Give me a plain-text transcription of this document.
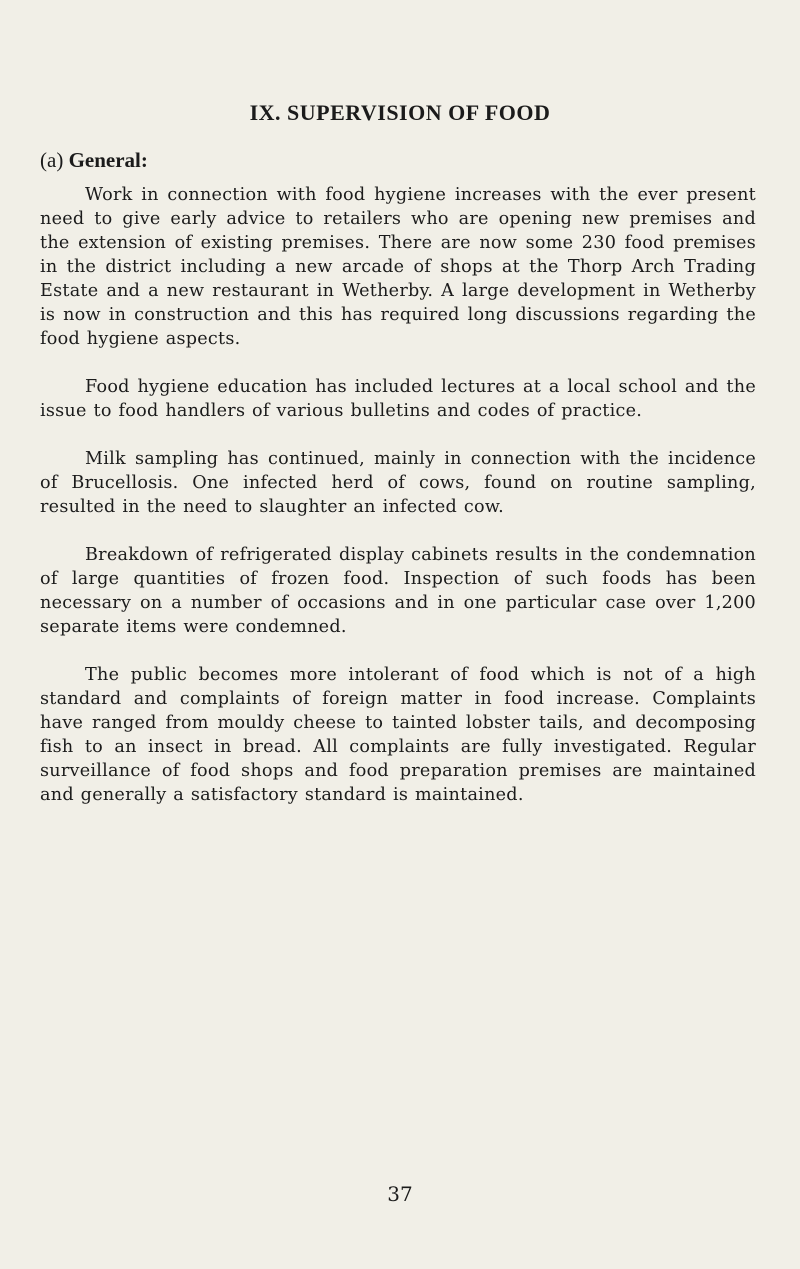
IX. SUPERVISION OF FOOD
(a) General:

Work in connection with food hygiene increases with the ever present need to give early advice to retailers who are opening new premises and the extension of existing premises. There are now some 230 food premises in the district including a new arcade of shops at the Thorp Arch Trading Estate and a new restaurant in Wetherby. A large development in Wetherby is now in construction and this has required long discussions regarding the food hygiene aspects.

Food hygiene education has included lectures at a local school and the issue to food handlers of various bulletins and codes of practice.

Milk sampling has continued, mainly in connection with the incidence of Brucellosis. One infected herd of cows, found on routine sampling, resulted in the need to slaughter an infected cow.

Breakdown of refrigerated display cabinets results in the condemnation of large quantities of frozen food. Inspection of such foods has been necessary on a number of occasions and in one particular case over 1,200 separate items were condemned.

The public becomes more intolerant of food which is not of a high standard and complaints of foreign matter in food increase. Complaints have ranged from mouldy cheese to tainted lobster tails, and decomposing fish to an insect in bread. All complaints are fully investigated. Regular surveillance of food shops and food preparation premises are maintained and generally a satisfactory standard is maintained.

37
